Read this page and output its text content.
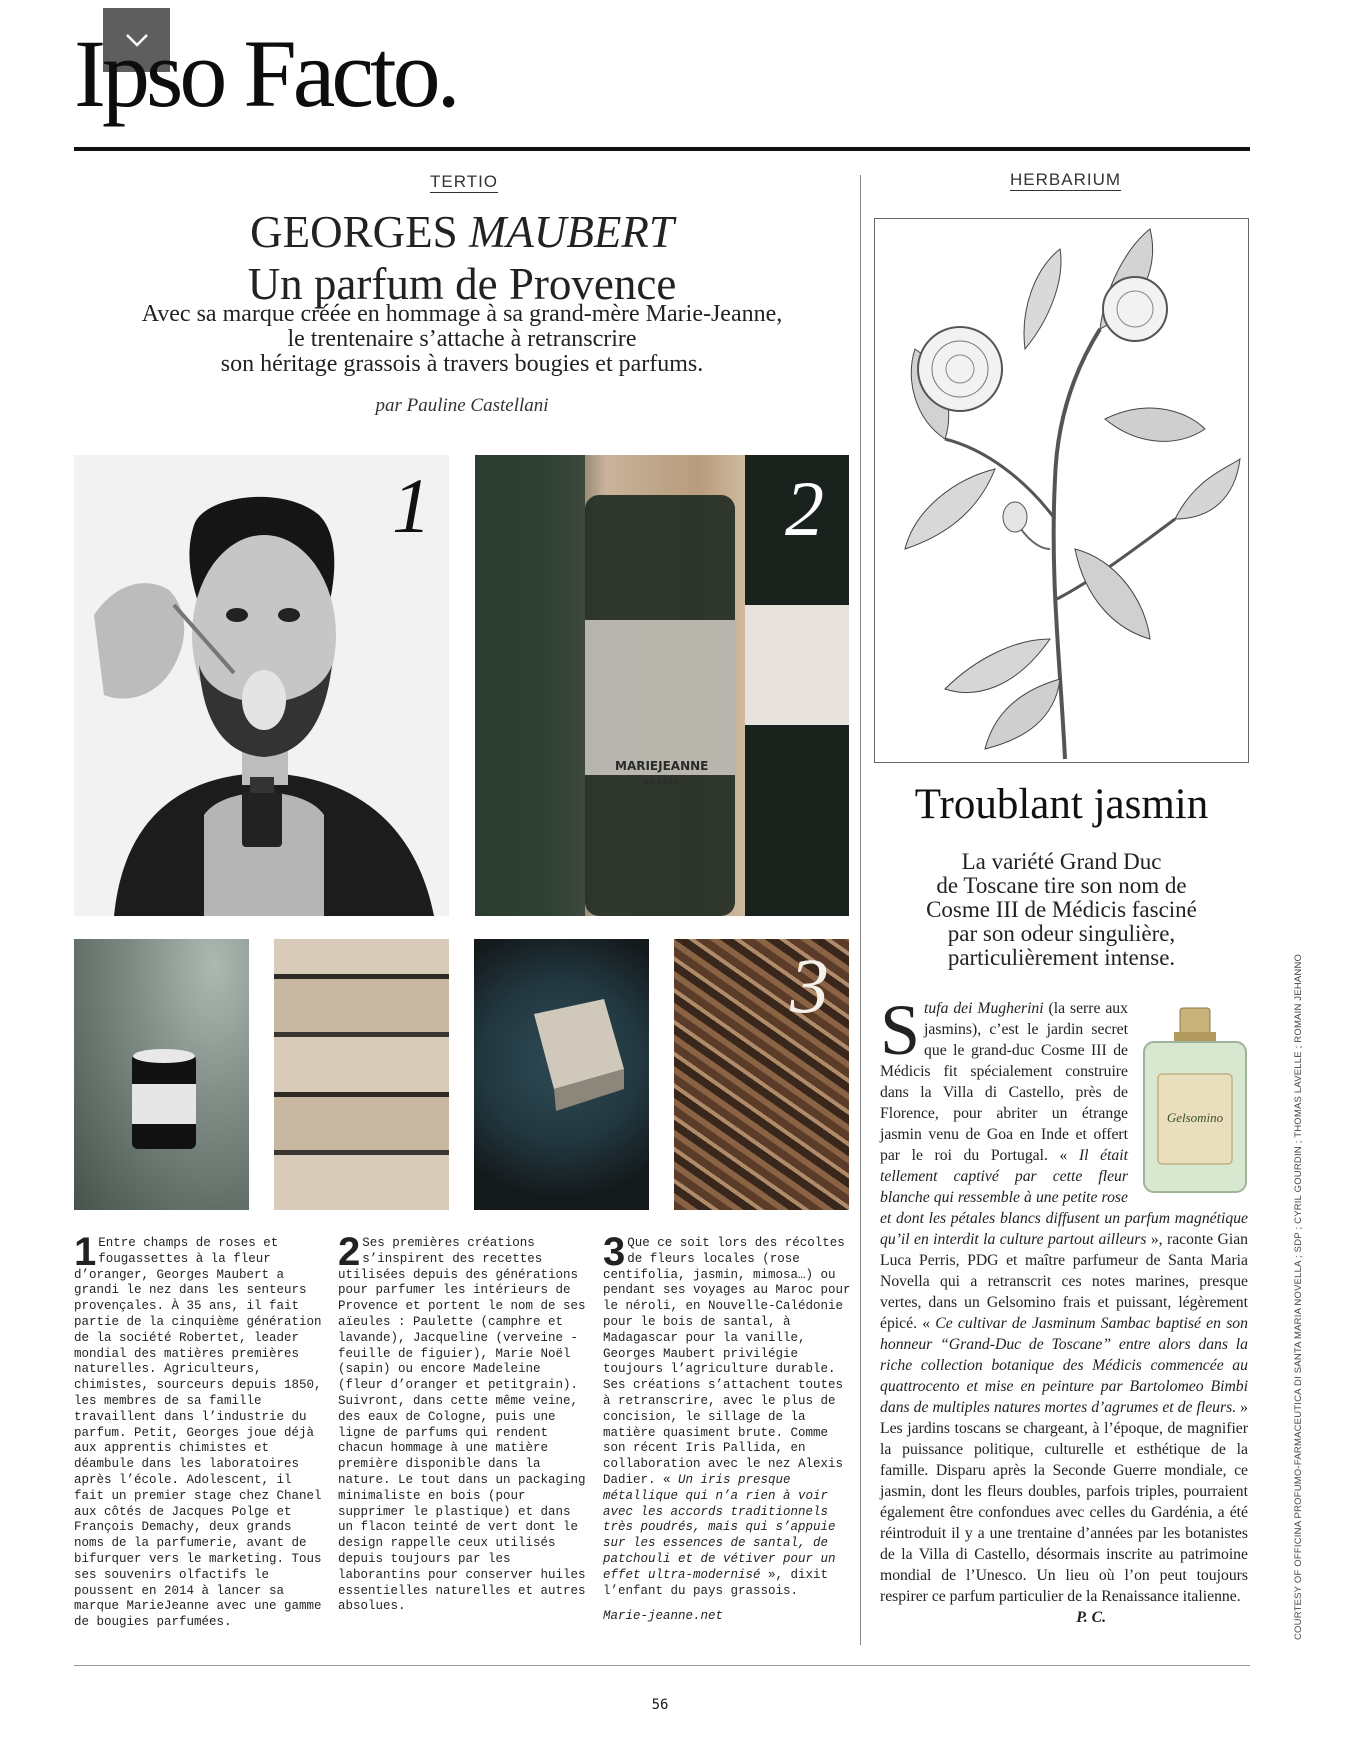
Ipso Facto.
TERTIO
GEORGES MAUBERT
Un parfum de Provence
Avec sa marque créée en hommage à sa grand-mère Marie-Jeanne,
le trentenaire s’attache à retranscrire
son héritage grassois à travers bougies et parfums.
par Pauline Castellani
1
MARIEJEANNE
GRASSE
2
3
1 Entre champs de roses et fougassettes à la fleur d’oranger, Georges Maubert a grandi le nez dans les senteurs provençales. À 35 ans, il fait partie de la cinquième génération de la société Robertet, leader mondial des matières premières naturelles. Agriculteurs, chimistes, sourceurs depuis 1850, les membres de sa famille travaillent dans l’industrie du parfum. Petit, Georges joue déjà aux apprentis chimistes et déambule dans les laboratoires après l’école. Adolescent, il fait un premier stage chez Chanel aux côtés de Jacques Polge et François Demachy, deux grands noms de la parfumerie, avant de bifurquer vers le marketing. Tous ses souvenirs olfactifs le poussent en 2014 à lancer sa marque MarieJeanne avec une gamme de bougies parfumées.
2 Ses premières créations s’inspirent des recettes utilisées depuis des générations pour parfumer les intérieurs de Provence et portent le nom de ses aïeules : Paulette (camphre et lavande), Jacqueline (verveine - feuille de figuier), Marie Noël (sapin) ou encore Madeleine (fleur d’oranger et petitgrain). Suivront, dans cette même veine, des eaux de Cologne, puis une ligne de parfums qui rendent chacun hommage à une matière première disponible dans la nature. Le tout dans un packaging minimaliste en bois (pour supprimer le plastique) et dans un flacon teinté de vert dont le design rappelle ceux utilisés depuis toujours par les laborantins pour conserver huiles essentielles naturelles et autres absolues.
3 Que ce soit lors des récoltes de fleurs locales (rose centifolia, jasmin, mimosa…) ou pendant ses voyages au Maroc pour le néroli, en Nouvelle-Calédonie pour le bois de santal, à Madagascar pour la vanille, Georges Maubert privilégie toujours l’agriculture durable. Ses créations s’attachent toutes à retranscrire, avec le plus de concision, le sillage de la matière quasiment brute. Comme son récent Iris Pallida, en collaboration avec le nez Alexis Dadier. « Un iris presque métallique qui n’a rien à voir avec les accords traditionnels très poudrés, mais qui s’appuie sur les essences de santal, de patchouli et de vétiver pour un effet ultra-modernisé », dixit l’enfant du pays grassois.
Marie-jeanne.net
HERBARIUM
Troublant jasmin
La variété Grand Duc
de Toscane tire son nom de
Cosme III de Médicis fasciné
par son odeur singulière,
particulièrement intense.
S
Gelsomino
tufa dei Mugherini (la serre aux jasmins), c’est le jardin secret que le grand-duc Cosme III de Médicis fit spécialement construire dans la Villa di Castello, près de Florence, pour abriter un étrange jasmin venu de Goa en Inde et offert par le roi du Portugal. « Il était tellement captivé par cette fleur blanche qui ressemble à une petite rose et dont les pétales blancs diffusent un parfum magnétique qu’il en interdit la culture partout ailleurs », raconte Gian Luca Perris, PDG et maître parfumeur de Santa Maria Novella qui a retranscrit ces notes marines, presque vertes, dans un Gelsomino frais et puissant, légèrement épicé. « Ce cultivar de Jasminum Sambac baptisé en son honneur “Grand-Duc de Toscane” entre alors dans la riche collection botanique des Médicis commencée au quattrocento et mise en peinture par Bartolomeo Bimbi dans de multiples natures mortes d’agrumes et de fleurs. » Les jardins toscans se chargeant, à l’époque, de magnifier la puissance politique, culturelle et esthétique de la famille. Disparu après la Seconde Guerre mondiale, ce jasmin, dont les fleurs doubles, parfois triples, pourraient également être confondues avec celles du Gardénia, a été réintroduit il y a une trentaine d’années par les botanistes de la Villa di Castello, désormais inscrite au patrimoine mondial de l’Unesco. Un lieu où l’on peut toujours respirer ce parfum particulier de la Renaissance italienne.
P. C.	COURTESY OF OFFICINA PROFUMO-FARMACEUTICA DI SANTA MARIA NOVELLA ; SDP ; CYRIL GOURDIN ; THOMAS LAVELLE ; ROMAIN JEHANNO
56
